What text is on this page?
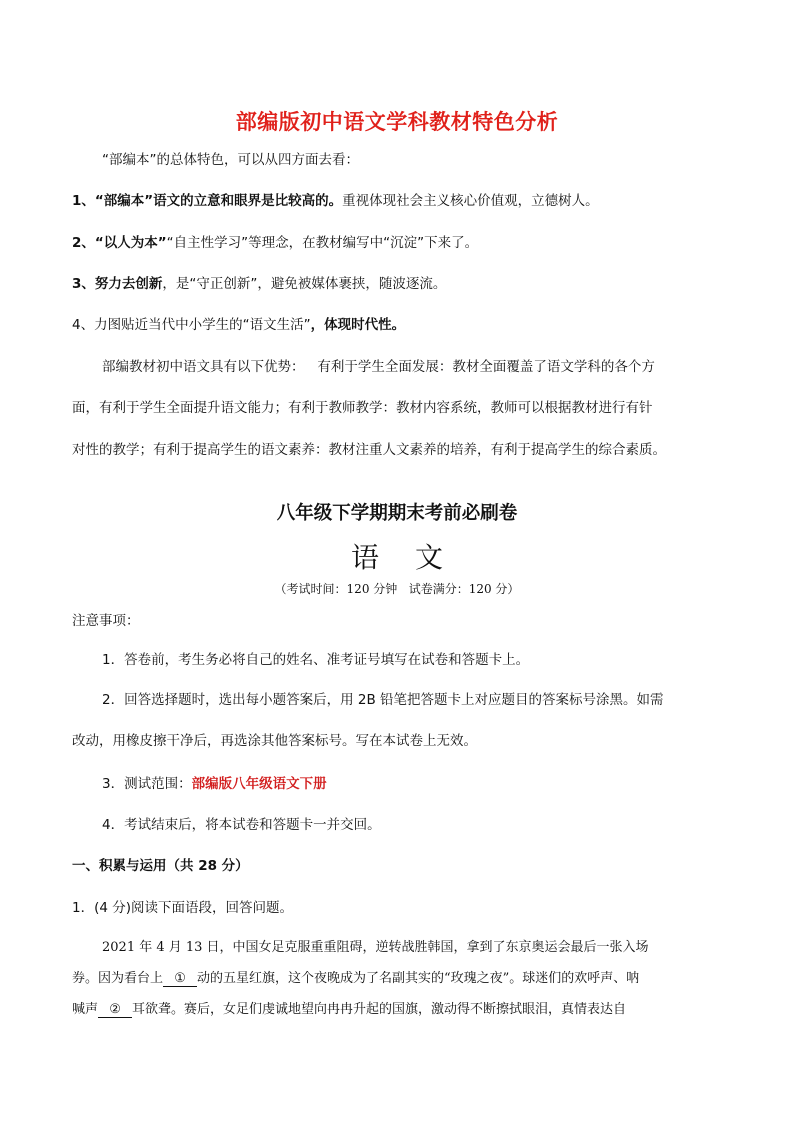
部编版初中语文学科教材特色分析
“部编本”的总体特色，可以从四方面去看：
1、“部编本”语文的立意和眼界是比较高的。重视体现社会主义核心价值观，立德树人。
2、“以人为本”“自主性学习”等理念，在教材编写中“沉淀”下来了。
3、努力去创新，是“守正创新”，避免被媒体裹挟，随波逐流。
4、力图贴近当代中小学生的“语文生活”，体现时代性。
部编教材初中语文具有以下优势：   有利于学生全面发展：教材全面覆盖了语文学科的各个方
面，有利于学生全面提升语文能力；有利于教师教学：教材内容系统，教师可以根据教材进行有针
对性的教学；有利于提高学生的语文素养：教材注重人文素养的培养，有利于提高学生的综合素质。
八年级下学期期末考前必刷卷
语文
（考试时间：120 分钟   试卷满分：120 分）
注意事项：
1．答卷前，考生务必将自己的姓名、准考证号填写在试卷和答题卡上。
2．回答选择题时，选出每小题答案后，用 2B 铅笔把答题卡上对应题目的答案标号涂黑。如需
改动，用橡皮擦干净后，再选涂其他答案标号。写在本试卷上无效。
3．测试范围：部编版八年级语文下册
4．考试结束后，将本试卷和答题卡一并交回。
一、积累与运用（共 28 分）
1．(4 分)阅读下面语段，回答问题。
2021 年 4 月 13 日，中国女足克服重重阻碍，逆转战胜韩国，拿到了东京奥运会最后一张入场
券。因为看台上 ① 动的五星红旗，这个夜晚成为了名副其实的“玫瑰之夜”。球迷们的欢呼声、呐
喊声 ② 耳欲聋。赛后，女足们虔诚地望向冉冉升起的国旗，激动得不断擦拭眼泪，真情表达自
